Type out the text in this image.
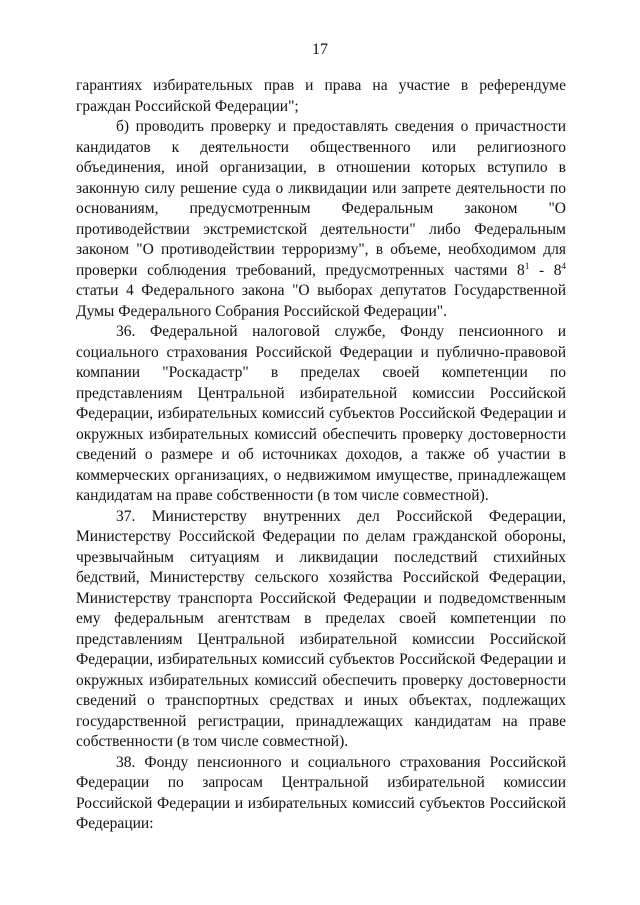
17

гарантиях избирательных прав и права на участие в референдуме граждан Российской Федерации";

б) проводить проверку и предоставлять сведения о причастности кандидатов к деятельности общественного или религиозного объединения, иной организации, в отношении которых вступило в законную силу решение суда о ликвидации или запрете деятельности по основаниям, предусмотренным Федеральным законом "О противодействии экстремистской деятельности" либо Федеральным законом "О противодействии терроризму", в объеме, необходимом для проверки соблюдения требований, предусмотренных частями $8^1 - 8^4$ статьи 4 Федерального закона "О выборах депутатов Государственной Думы Федерального Собрания Российской Федерации".

36. Федеральной налоговой службе, Фонду пенсионного и социального страхования Российской Федерации и публично-правовой компании "Роскадастр" в пределах своей компетенции по представлениям Центральной избирательной комиссии Российской Федерации, избирательных комиссий субъектов Российской Федерации и окружных избирательных комиссий обеспечить проверку достоверности сведений о размере и об источниках доходов, а также об участии в коммерческих организациях, о недвижимом имуществе, принадлежащем кандидатам на праве собственности (в том числе совместной).

37. Министерству внутренних дел Российской Федерации, Министерству Российской Федерации по делам гражданской обороны, чрезвычайным ситуациям и ликвидации последствий стихийных бедствий, Министерству сельского хозяйства Российской Федерации, Министерству транспорта Российской Федерации и подведомственным ему федеральным агентствам в пределах своей компетенции по представлениям Центральной избирательной комиссии Российской Федерации, избирательных комиссий субъектов Российской Федерации и окружных избирательных комиссий обеспечить проверку достоверности сведений о транспортных средствах и иных объектах, подлежащих государственной регистрации, принадлежащих кандидатам на праве собственности (в том числе совместной).

38. Фонду пенсионного и социального страхования Российской Федерации по запросам Центральной избирательной комиссии Российской Федерации и избирательных комиссий субъектов Российской Федерации:
